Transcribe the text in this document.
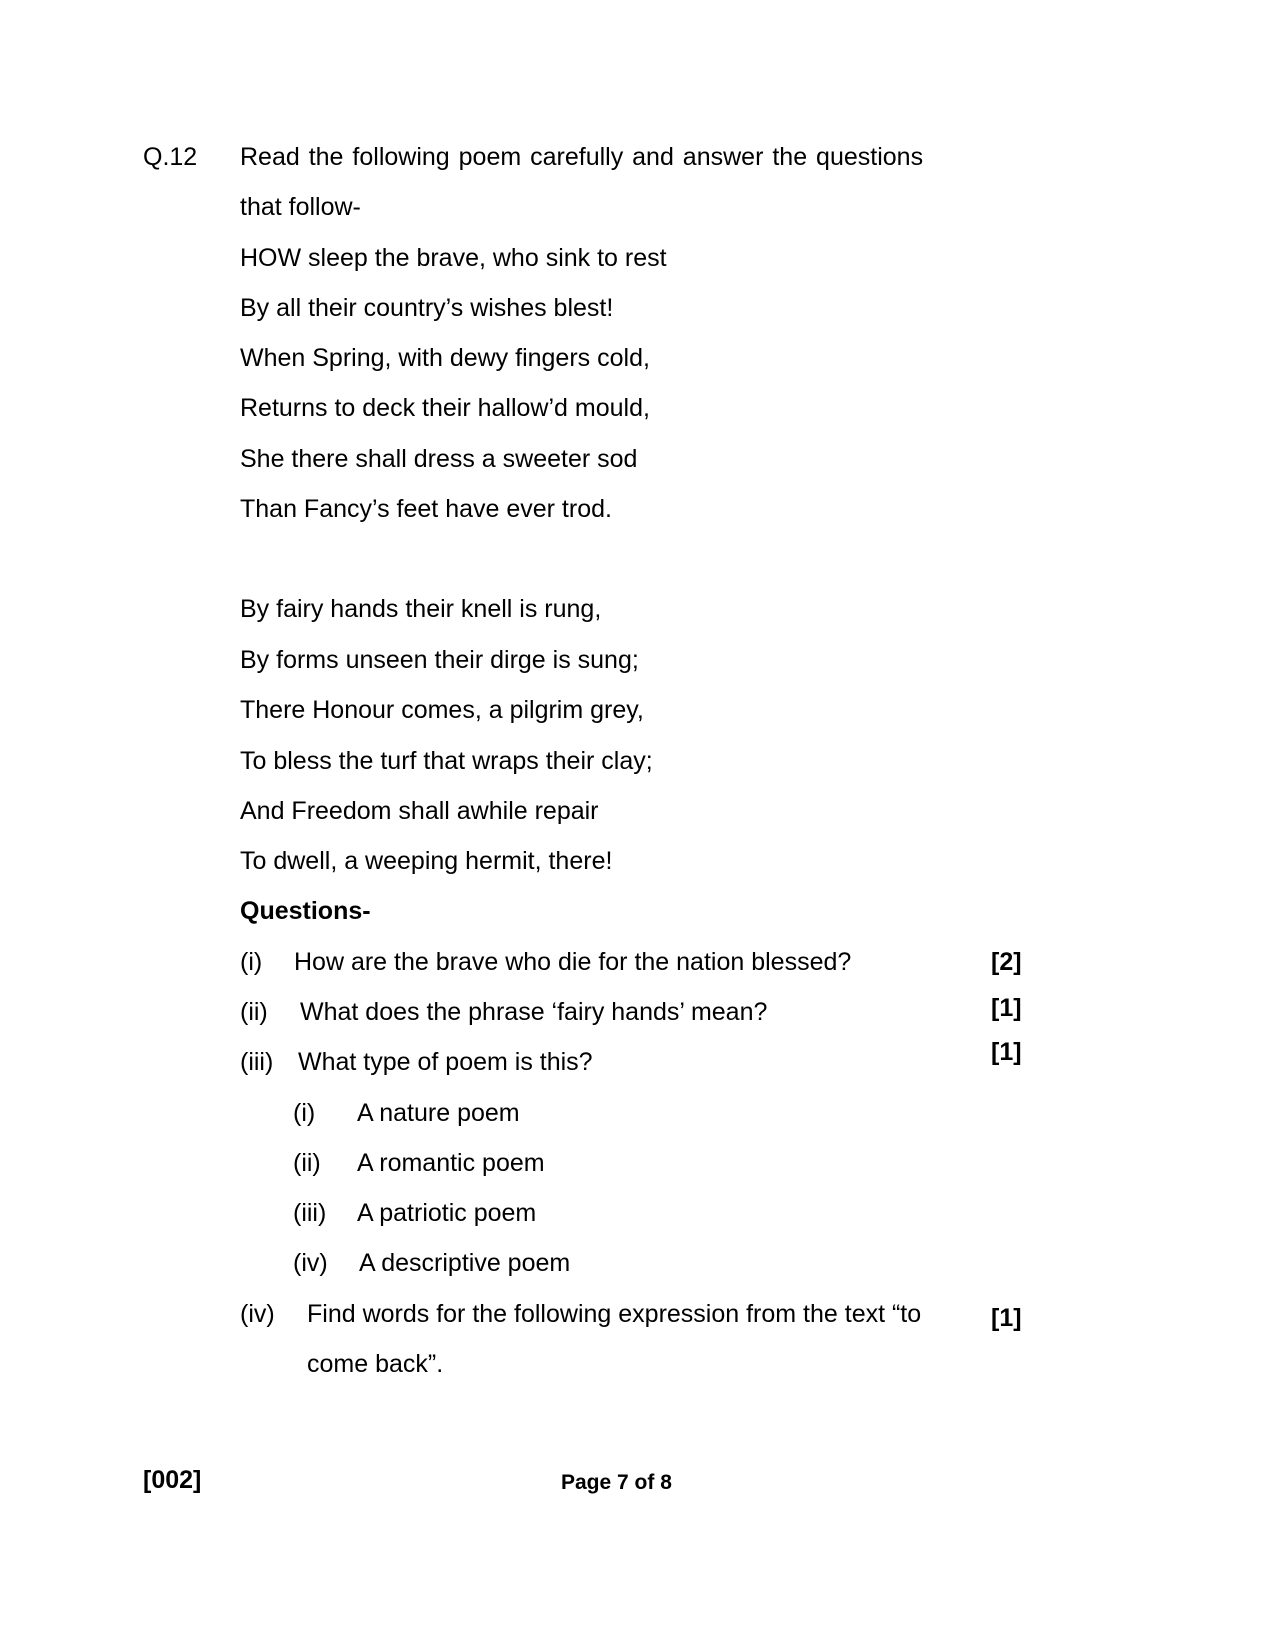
Q.12 Read the following poem carefully and answer the questions
that follow-
HOW sleep the brave, who sink to rest
By all their country’s wishes blest!
When Spring, with dewy fingers cold,
Returns to deck their hallow’d mould,
She there shall dress a sweeter sod
Than Fancy’s feet have ever trod.
By fairy hands their knell is rung,
By forms unseen their dirge is sung;
There Honour comes, a pilgrim grey,
To bless the turf that wraps their clay;
And Freedom shall awhile repair
To dwell, a weeping hermit, there!
Questions-
(i) How are the brave who die for the nation blessed?	[2]
(ii) What does the phrase ‘fairy hands’ mean?	[1]
(iii) What type of poem is this?	[1]
(i) A nature poem
(ii) A romantic poem
(iii) A patriotic poem
(iv) A descriptive poem
(iv) Find words for the following expression from the text “to
come back”.
[1]
[002]	Page 7 of 8
